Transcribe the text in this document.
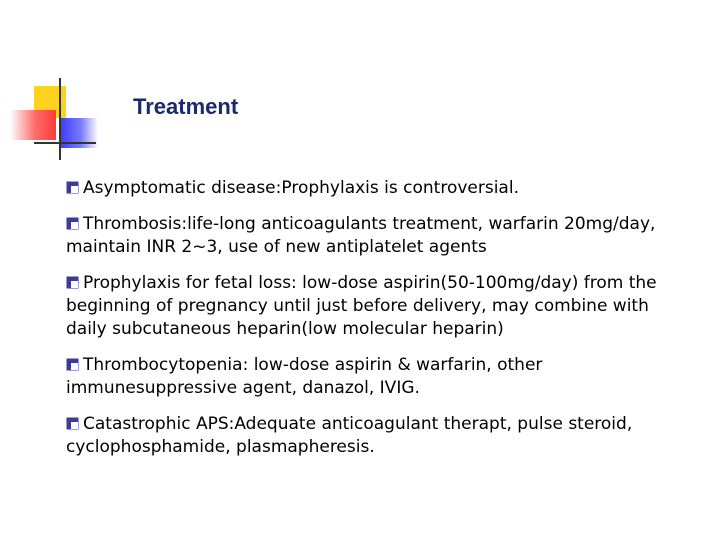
Treatment
Asymptomatic disease:Prophylaxis is controversial.
Thrombosis:life-long anticoagulants treatment, warfarin 20mg/day, maintain INR 2~3, use of new antiplatelet agents
Prophylaxis for fetal loss: low-dose aspirin(50-100mg/day) from the beginning of pregnancy until just before delivery, may combine with daily subcutaneous heparin(low molecular heparin)
Thrombocytopenia: low-dose aspirin & warfarin, other immunesuppressive agent, danazol, IVIG.
Catastrophic APS:Adequate anticoagulant therapt, pulse steroid, cyclophosphamide, plasmapheresis.
